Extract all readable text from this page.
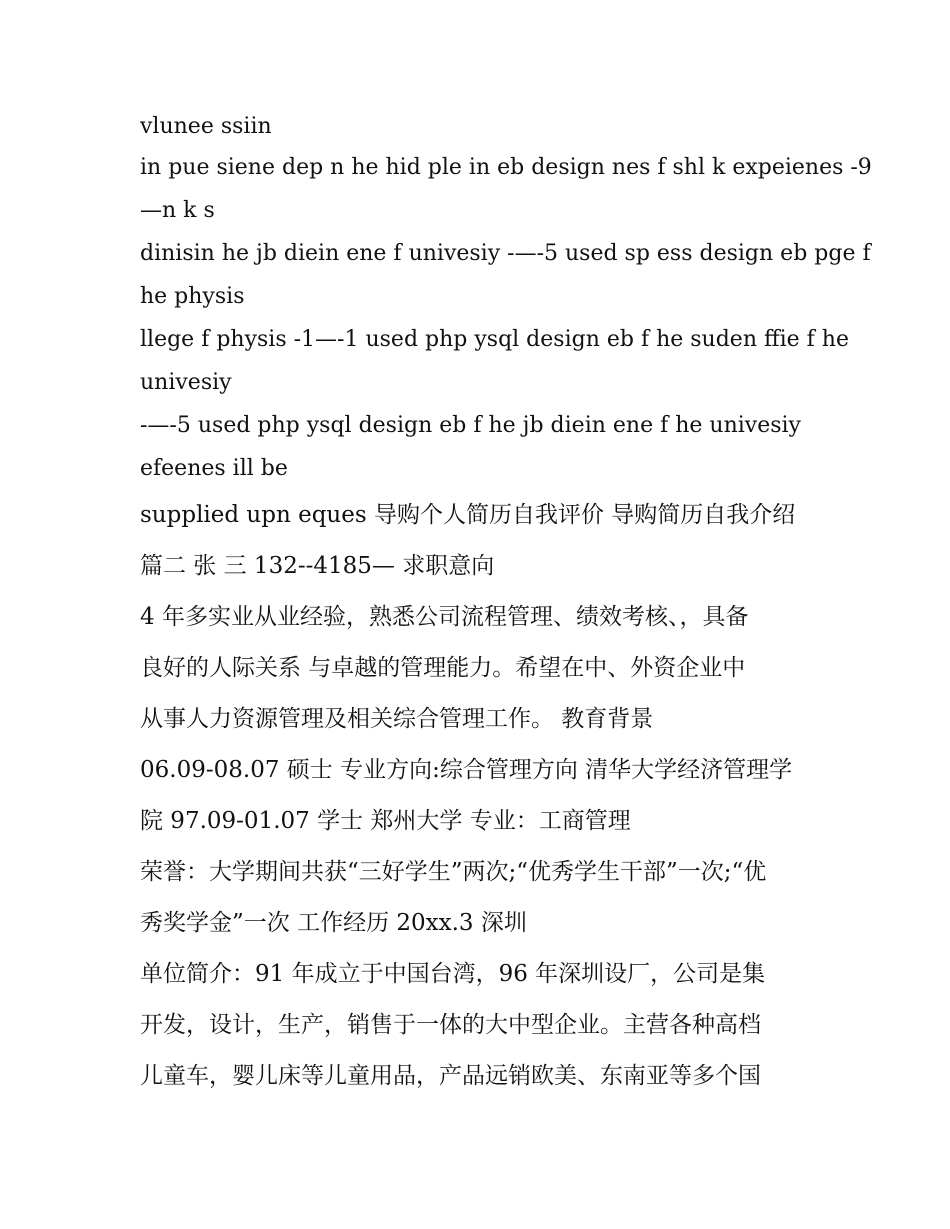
vlunee ssiin
in pue siene dep n he hid ple in eb design nes f shl k expeienes -9
—n k s
dinisin he jb diein ene f univesiy -—-5 used sp ess design eb pge f
he physis
llege f physis -1—-1 used php ysql design eb f he suden ffie f he
univesiy
-—-5 used php ysql design eb f he jb diein ene f he univesiy
efeenes ill be
supplied upn eques 导购个人简历自我评价 导购简历自我介绍
篇二 张 三 132--4185— 求职意向
4 年多实业从业经验，熟悉公司流程管理、绩效考核、，具备
良好的人际关系 与卓越的管理能力。希望在中、外资企业中
从事人力资源管理及相关综合管理工作。 教育背景
06.09-08.07 硕士 专业方向:综合管理方向 清华大学经济管理学
院 97.09-01.07 学士 郑州大学 专业：工商管理
荣誉：大学期间共获“三好学生”两次;“优秀学生干部”一次;“优
秀奖学金”一次 工作经历 20xx.3 深圳
单位简介：91 年成立于中国台湾，96 年深圳设厂，公司是集
开发，设计，生产，销售于一体的大中型企业。主营各种高档
儿童车，婴儿床等儿童用品，产品远销欧美、东南亚等多个国
